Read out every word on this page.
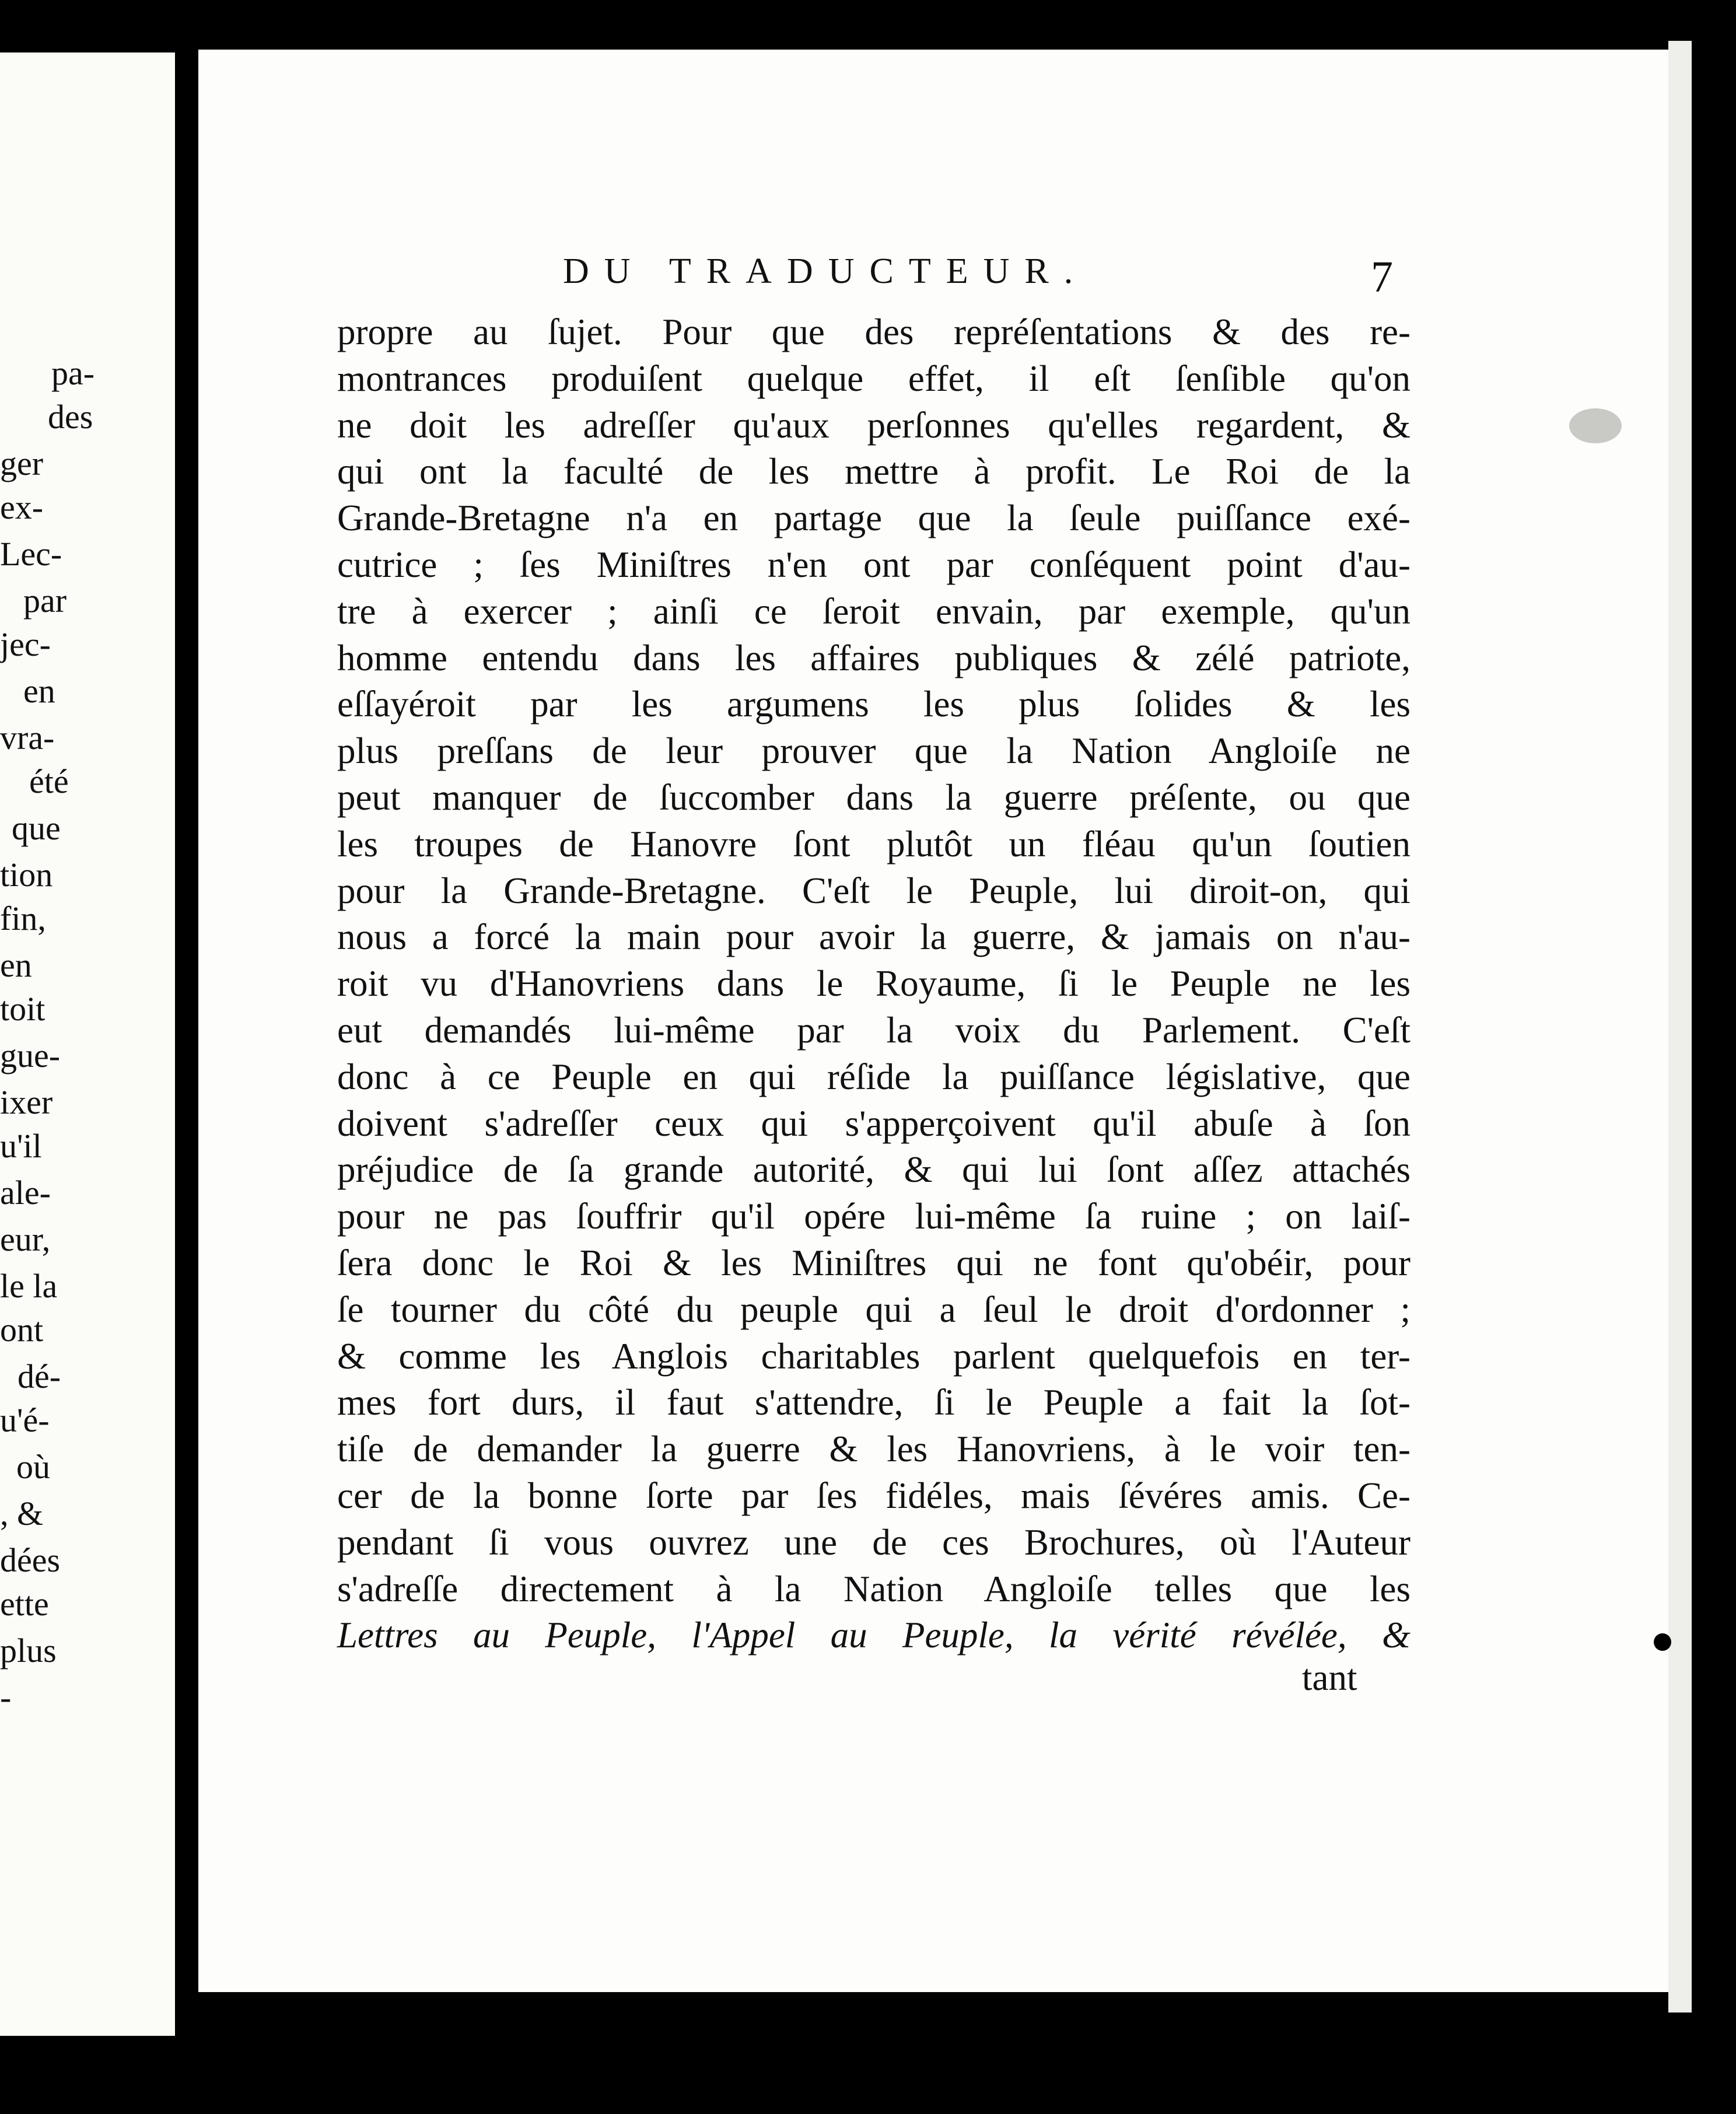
pa-
des
ger
ex-
Lec-
par
jec-
en
vra-
été
que
tion
fin,
en
toit
gue-
ixer
u'il
ale-
eur,
le la
ont
dé-
u'é-
où
, &
dées
ette
plus
-
DU TRADUCTEUR.	7
propre au ſujet. Pour que des repréſentations & des re-
montrances produiſent quelque effet, il eſt ſenſible qu'on
ne doit les adreſſer qu'aux perſonnes qu'elles regardent, &
qui ont la faculté de les mettre à profit. Le Roi de la
Grande-Bretagne n'a en partage que la ſeule puiſſance exé-
cutrice ; ſes Miniſtres n'en ont par conſéquent point d'au-
tre à exercer ; ainſi ce ſeroit envain, par exemple, qu'un
homme entendu dans les affaires publiques & zélé patriote,
eſſayéroit par les argumens les plus ſolides & les
plus preſſans de leur prouver que la Nation Angloiſe ne
peut manquer de ſuccomber dans la guerre préſente, ou que
les troupes de Hanovre ſont plutôt un fléau qu'un ſoutien
pour la Grande-Bretagne. C'eſt le Peuple, lui diroit-on, qui
nous a forcé la main pour avoir la guerre, & jamais on n'au-
roit vu d'Hanovriens dans le Royaume, ſi le Peuple ne les
eut demandés lui-même par la voix du Parlement. C'eſt
donc à ce Peuple en qui réſide la puiſſance législative, que
doivent s'adreſſer ceux qui s'apperçoivent qu'il abuſe à ſon
préjudice de ſa grande autorité, & qui lui ſont aſſez attachés
pour ne pas ſouffrir qu'il opére lui-même ſa ruine ; on laiſ-
ſera donc le Roi & les Miniſtres qui ne font qu'obéir, pour
ſe tourner du côté du peuple qui a ſeul le droit d'ordonner ;
& comme les Anglois charitables parlent quelquefois en ter-
mes fort durs, il faut s'attendre, ſi le Peuple a fait la ſot-
tiſe de demander la guerre & les Hanovriens, à le voir ten-
cer de la bonne ſorte par ſes fidéles, mais ſévéres amis. Ce-
pendant ſi vous ouvrez une de ces Brochures, où l'Auteur
s'adreſſe directement à la Nation Angloiſe telles que les
Lettres au Peuple, l'Appel au Peuple, la vérité révélée, &
tant
